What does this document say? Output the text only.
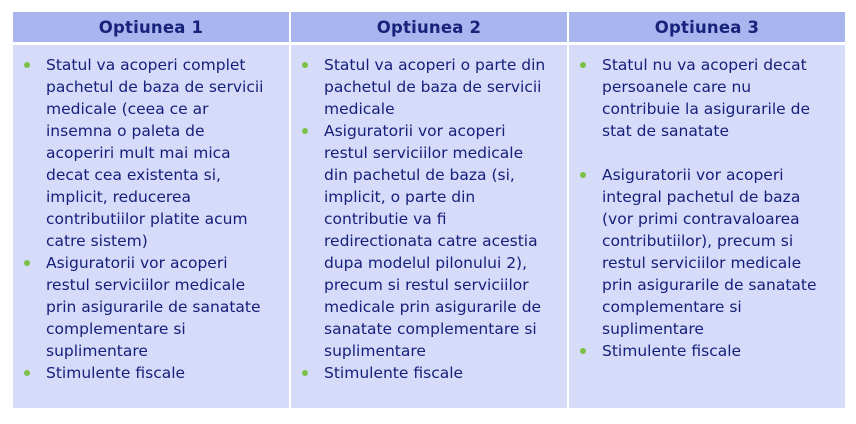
Optiunea 1	Optiunea 2	Optiunea 3
Statul va acoperi complet
pachetul de baza de servicii
medicale (ceea ce ar
insemna o paleta de
acoperiri mult mai mica
decat cea existenta si,
implicit, reducerea
contributiilor platite acum
catre sistem)
Asiguratorii vor acoperi
restul serviciilor medicale
prin asigurarile de sanatate
complementare si
suplimentare
Stimulente fiscale
Statul va acoperi o parte din
pachetul de baza de servicii
medicale
Asiguratorii vor acoperi
restul serviciilor medicale
din pachetul de baza (si,
implicit, o parte din
contributie va fi
redirectionata catre acestia
dupa modelul pilonului 2),
precum si restul serviciilor
medicale prin asigurarile de
sanatate complementare si
suplimentare
Stimulente fiscale
Statul nu va acoperi decat
persoanele care nu
contribuie la asigurarile de
stat de sanatate
Asiguratorii vor acoperi
integral pachetul de baza
(vor primi contravaloarea
contributiilor), precum si
restul serviciilor medicale
prin asigurarile de sanatate
complementare si
suplimentare
Stimulente fiscale
